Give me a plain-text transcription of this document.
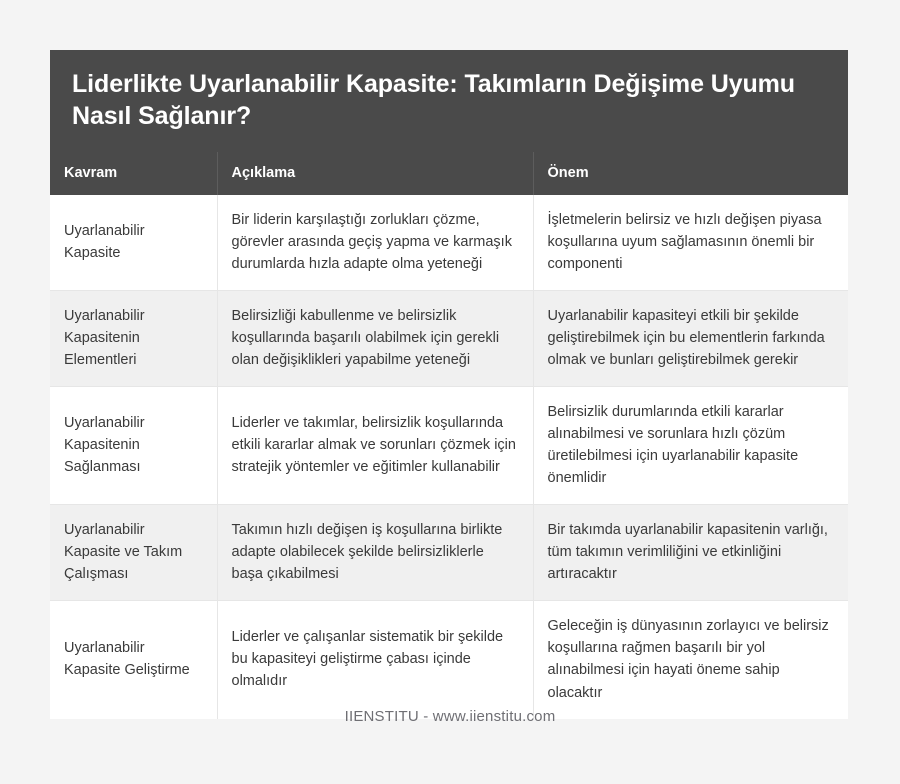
Liderlikte Uyarlanabilir Kapasite: Takımların Değişime Uyumu Nasıl Sağlanır?
Kavram	Açıklama	Önem
Uyarlanabilir Kapasite	Bir liderin karşılaştığı zorlukları çözme, görevler arasında geçiş yapma ve karmaşık durumlarda hızla adapte olma yeteneği	İşletmelerin belirsiz ve hızlı değişen piyasa koşullarına uyum sağlamasının önemli bir componenti
Uyarlanabilir Kapasitenin Elementleri	Belirsizliği kabullenme ve belirsizlik koşullarında başarılı olabilmek için gerekli olan değişiklikleri yapabilme yeteneği	Uyarlanabilir kapasiteyi etkili bir şekilde geliştirebilmek için bu elementlerin farkında olmak ve bunları geliştirebilmek gerekir
Uyarlanabilir Kapasitenin Sağlanması	Liderler ve takımlar, belirsizlik koşullarında etkili kararlar almak ve sorunları çözmek için stratejik yöntemler ve eğitimler kullanabilir	Belirsizlik durumlarında etkili kararlar alınabilmesi ve sorunlara hızlı çözüm üretilebilmesi için uyarlanabilir kapasite önemlidir
Uyarlanabilir Kapasite ve Takım Çalışması	Takımın hızlı değişen iş koşullarına birlikte adapte olabilecek şekilde belirsizliklerle başa çıkabilmesi	Bir takımda uyarlanabilir kapasitenin varlığı, tüm takımın verimliliğini ve etkinliğini artıracaktır
Uyarlanabilir Kapasite Geliştirme	Liderler ve çalışanlar sistematik bir şekilde bu kapasiteyi geliştirme çabası içinde olmalıdır	Geleceğin iş dünyasının zorlayıcı ve belirsiz koşullarına rağmen başarılı bir yol alınabilmesi için hayati öneme sahip olacaktır
IIENSTITU - www.iienstitu.com
